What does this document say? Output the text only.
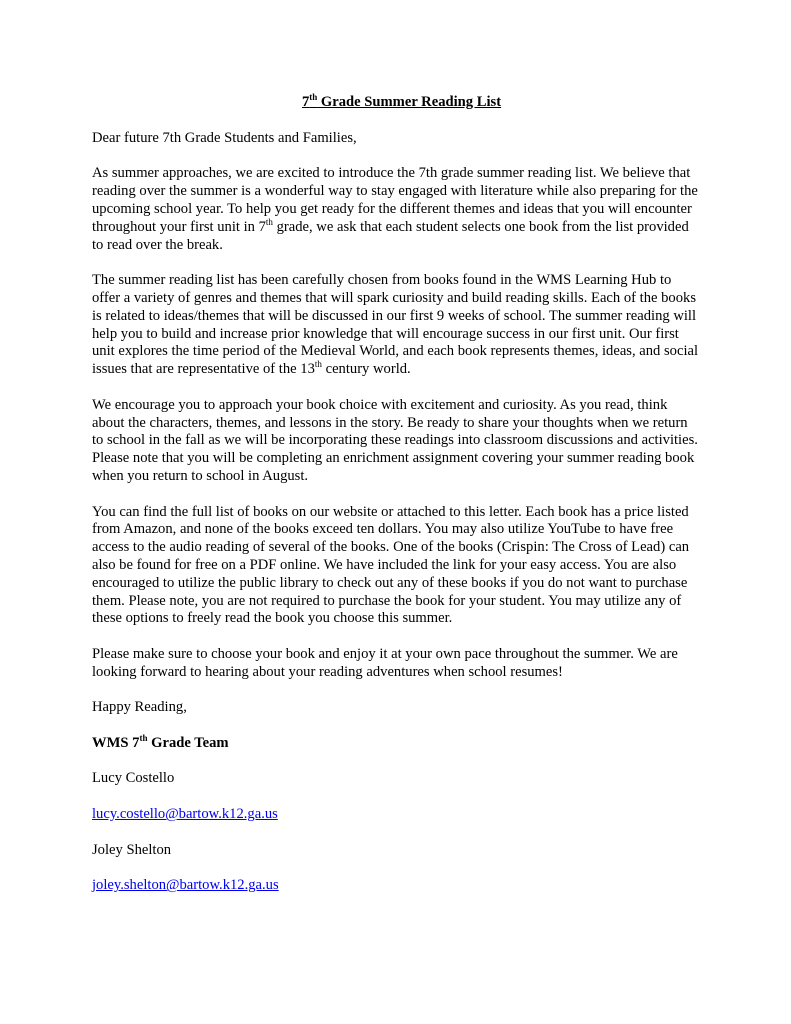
7th Grade Summer Reading List

Dear future 7th Grade Students and Families,

As summer approaches, we are excited to introduce the 7th grade summer reading list. We believe that reading over the summer is a wonderful way to stay engaged with literature while also preparing for the upcoming school year. To help you get ready for the different themes and ideas that you will encounter throughout your first unit in 7th grade, we ask that each student selects one book from the list provided to read over the break.

The summer reading list has been carefully chosen from books found in the WMS Learning Hub to offer a variety of genres and themes that will spark curiosity and build reading skills. Each of the books is related to ideas/themes that will be discussed in our first 9 weeks of school. The summer reading will help you to build and increase prior knowledge that will encourage success in our first unit. Our first unit explores the time period of the Medieval World, and each book represents themes, ideas, and social issues that are representative of the 13th century world.

We encourage you to approach your book choice with excitement and curiosity. As you read, think about the characters, themes, and lessons in the story. Be ready to share your thoughts when we return to school in the fall as we will be incorporating these readings into classroom discussions and activities. Please note that you will be completing an enrichment assignment covering your summer reading book when you return to school in August.

You can find the full list of books on our website or attached to this letter. Each book has a price listed from Amazon, and none of the books exceed ten dollars. You may also utilize YouTube to have free access to the audio reading of several of the books. One of the books (Crispin: The Cross of Lead) can also be found for free on a PDF online. We have included the link for your easy access. You are also encouraged to utilize the public library to check out any of these books if you do not want to purchase them. Please note, you are not required to purchase the book for your student. You may utilize any of these options to freely read the book you choose this summer.

Please make sure to choose your book and enjoy it at your own pace throughout the summer. We are looking forward to hearing about your reading adventures when school resumes!

Happy Reading,

WMS 7th Grade Team

Lucy Costello

lucy.costello@bartow.k12.ga.us

Joley Shelton

joley.shelton@bartow.k12.ga.us
